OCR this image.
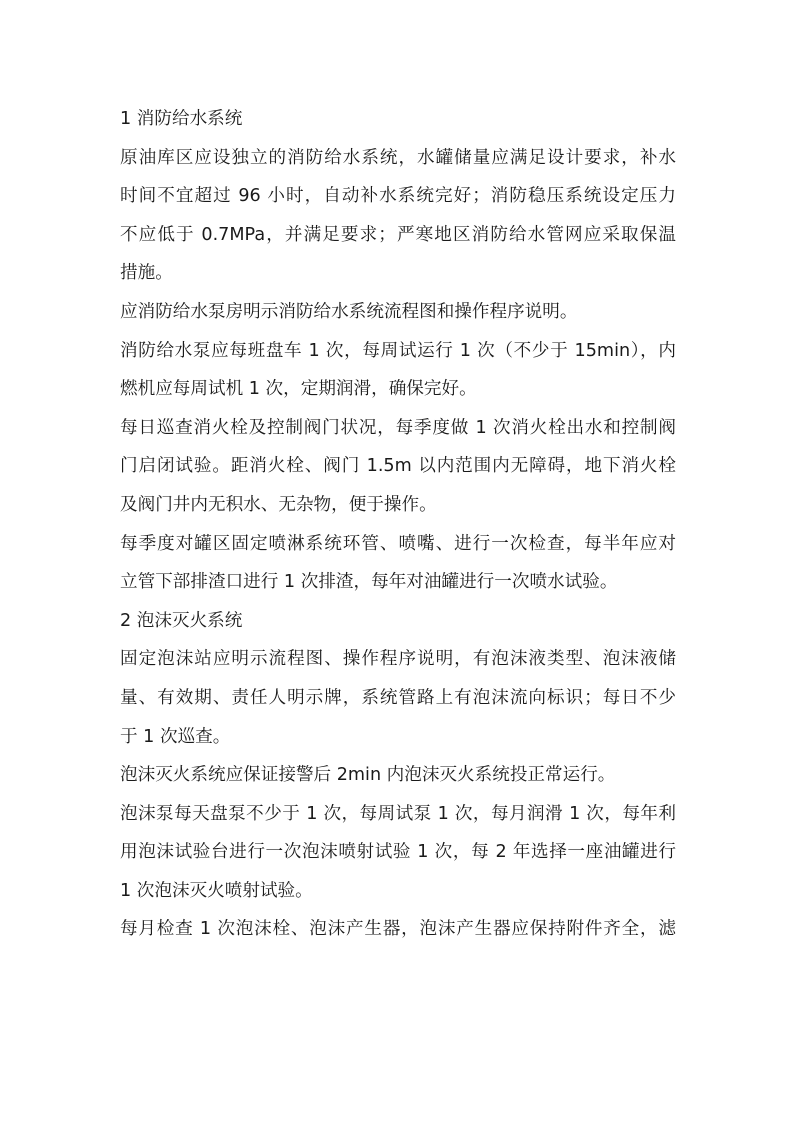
1 消防给水系统
原油库区应设独立的消防给水系统，水罐储量应满足设计要求，补水
时间不宜超过 96 小时，自动补水系统完好；消防稳压系统设定压力
不应低于 0.7MPa，并满足要求；严寒地区消防给水管网应采取保温
措施。
应消防给水泵房明示消防给水系统流程图和操作程序说明。
消防给水泵应每班盘车 1 次，每周试运行 1 次（不少于 15min），内
燃机应每周试机 1 次，定期润滑，确保完好。
每日巡查消火栓及控制阀门状况，每季度做 1 次消火栓出水和控制阀
门启闭试验。距消火栓、阀门 1.5m 以内范围内无障碍，地下消火栓
及阀门井内无积水、无杂物，便于操作。
每季度对罐区固定喷淋系统环管、喷嘴、进行一次检查，每半年应对
立管下部排渣口进行 1 次排渣，每年对油罐进行一次喷水试验。
2 泡沫灭火系统
固定泡沫站应明示流程图、操作程序说明，有泡沫液类型、泡沫液储
量、有效期、责任人明示牌，系统管路上有泡沫流向标识；每日不少
于 1 次巡查。
泡沫灭火系统应保证接警后 2min 内泡沫灭火系统投正常运行。
泡沫泵每天盘泵不少于 1 次，每周试泵 1 次，每月润滑 1 次，每年利
用泡沫试验台进行一次泡沫喷射试验 1 次，每 2 年选择一座油罐进行
1 次泡沫灭火喷射试验。
每月检查 1 次泡沫栓、泡沫产生器，泡沫产生器应保持附件齐全，滤
